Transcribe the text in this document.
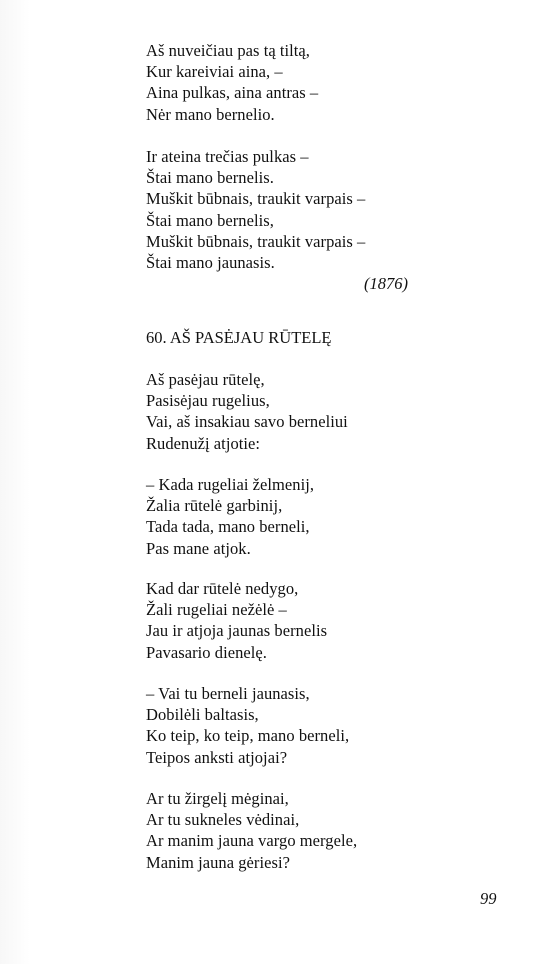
Aš nuveičiau pas tą tiltą,
Kur kareiviai aina, –
Aina pulkas, aina antras –
Nėr mano bernelio.
Ir ateina trečias pulkas –
Štai mano bernelis.
Muškit būbnais, traukit varpais –
Štai mano bernelis,
Muškit būbnais, traukit varpais –
Štai mano jaunasis.
(1876)
60. AŠ PASĖJAU RŪTELĘ
Aš pasėjau rūtelę,
Pasisėjau rugelius,
Vai, aš insakiau savo berneliui
Rudenužį atjotie:
– Kada rugeliai želmenij,
Žalia rūtelė garbinij,
Tada tada, mano berneli,
Pas mane atjok.
Kad dar rūtelė nedygo,
Žali rugeliai nežėlė –
Jau ir atjoja jaunas bernelis
Pavasario dienelę.
– Vai tu berneli jaunasis,
Dobilėli baltasis,
Ko teip, ko teip, mano berneli,
Teipos anksti atjojai?
Ar tu žirgelį mėginai,
Ar tu sukneles vėdinai,
Ar manim jauna vargo mergele,
Manim jauna gėriesi?
99
